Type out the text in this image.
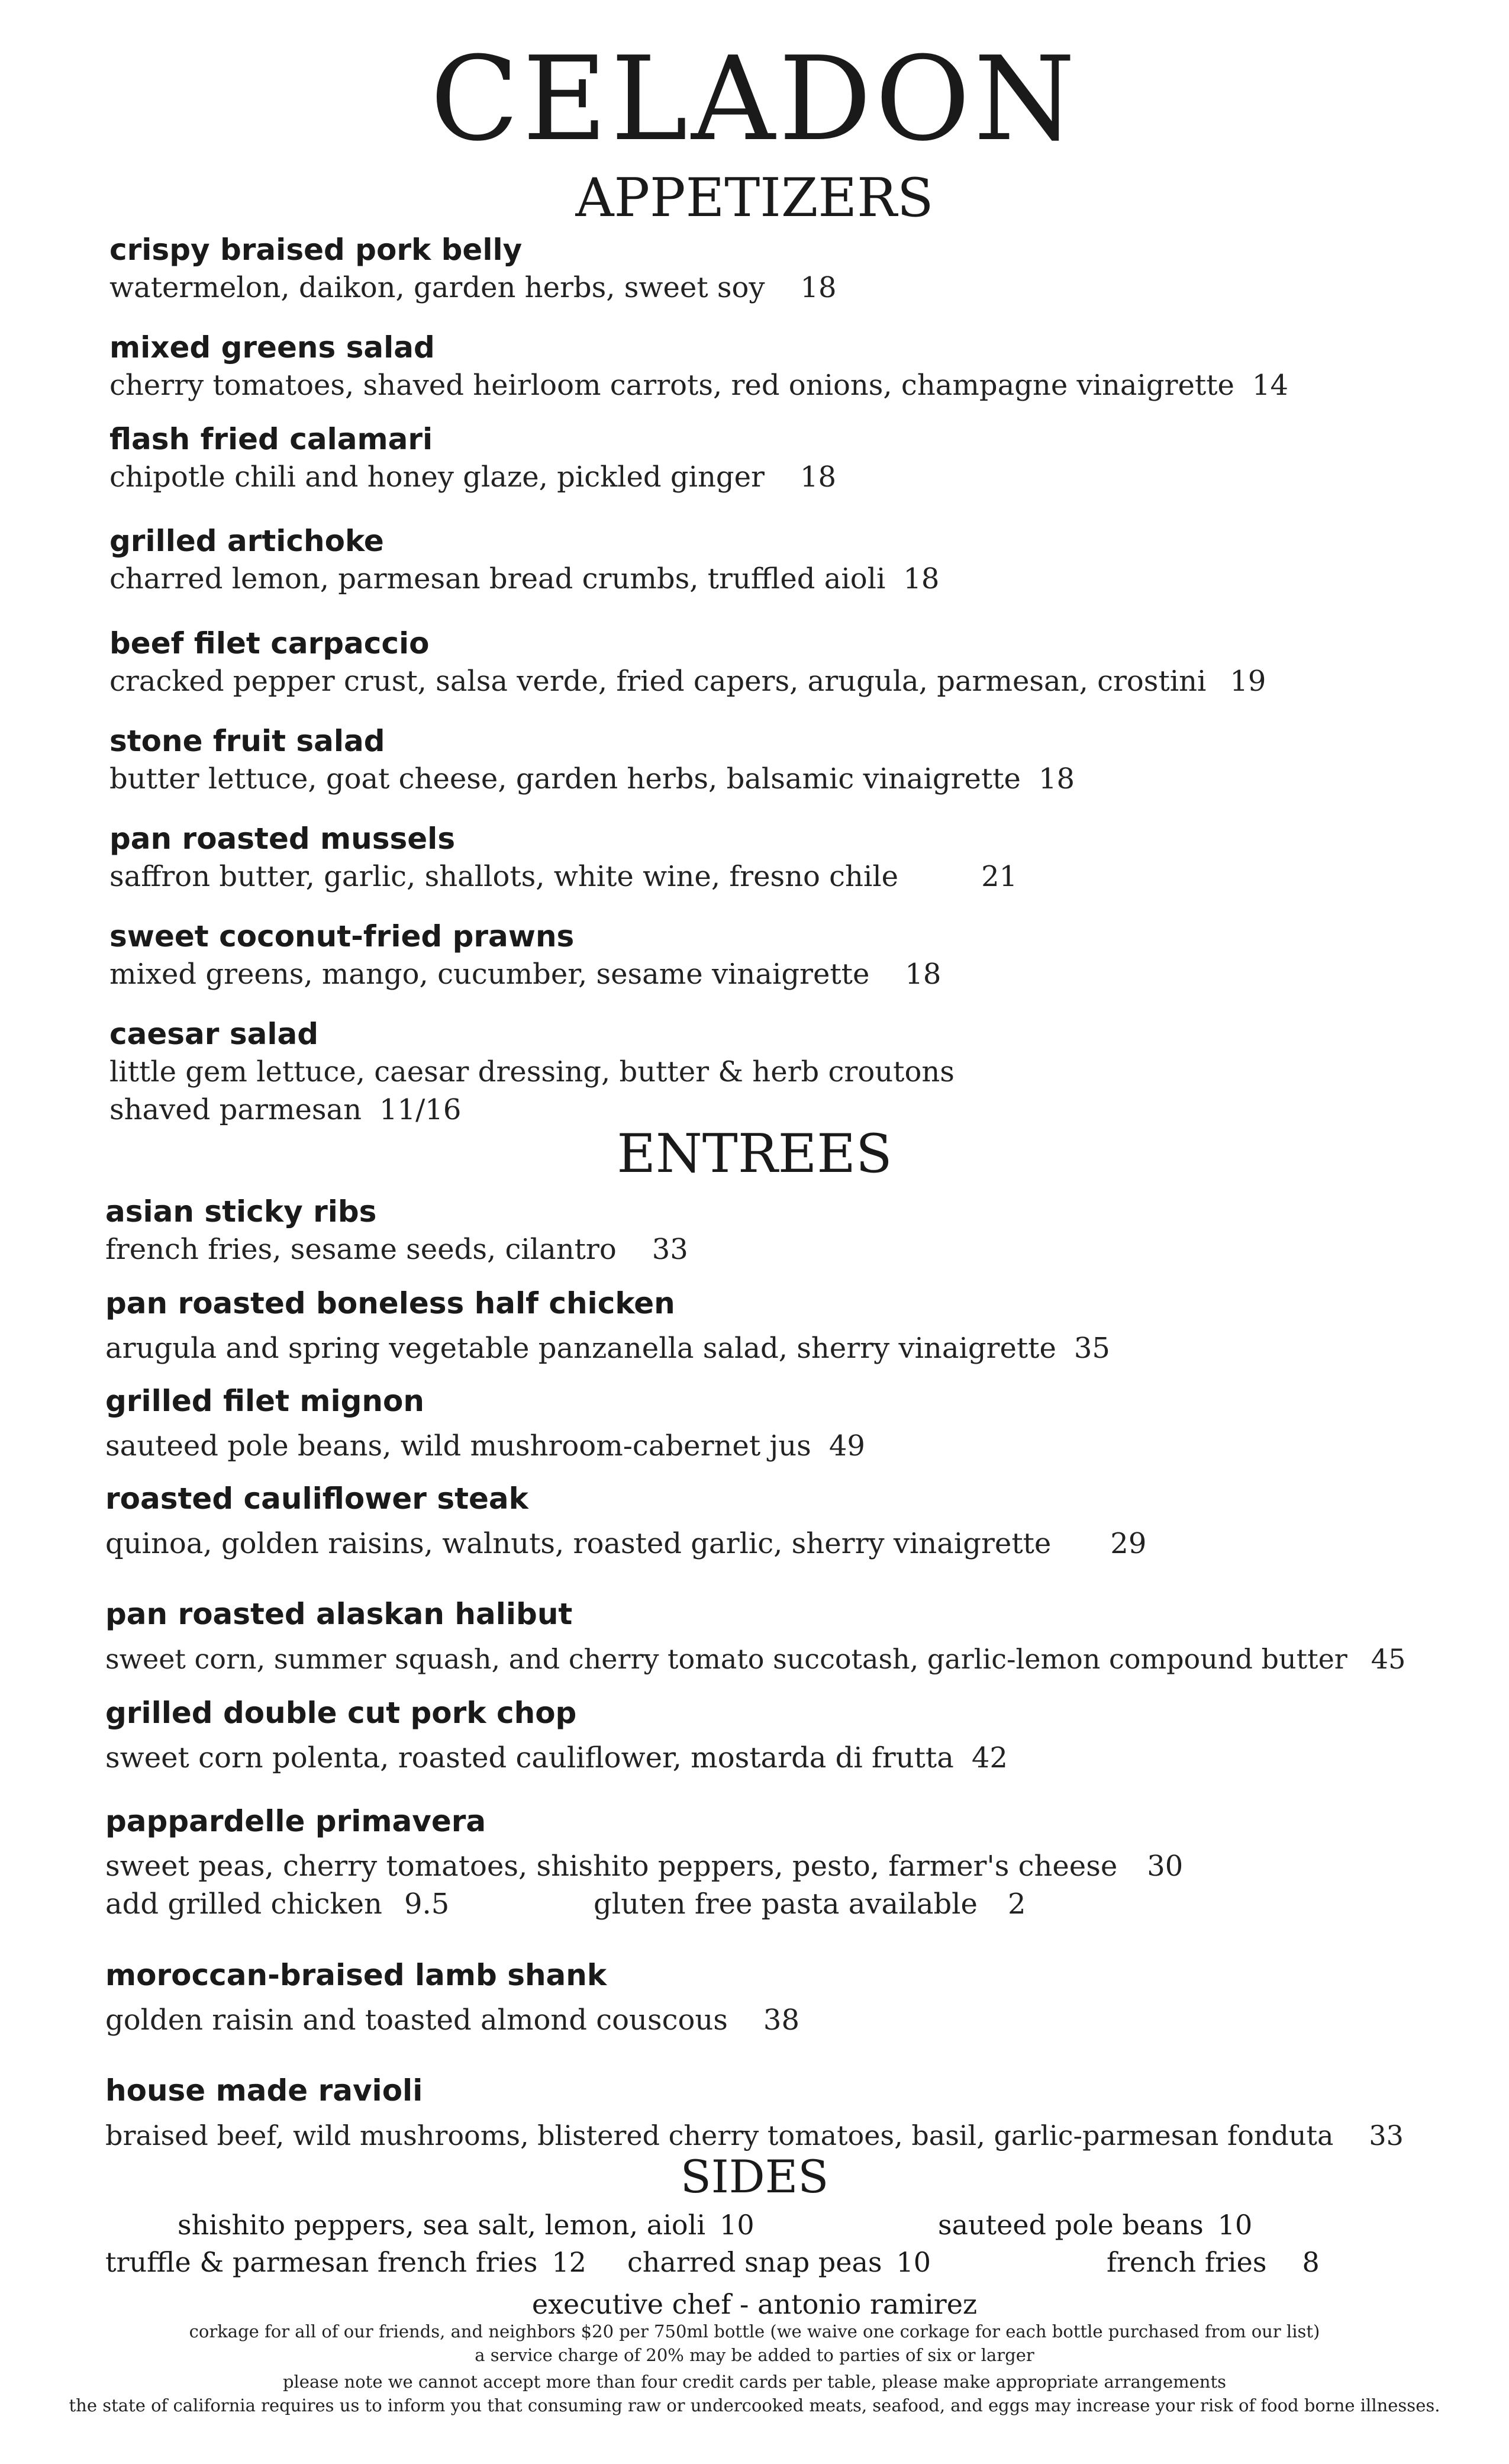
CELADON
APPETIZERS
crispy braised pork belly
watermelon, daikon, garden herbs, sweet soy 18
mixed greens salad
cherry tomatoes, shaved heirloom carrots, red onions, champagne vinaigrette 14
flash fried calamari
chipotle chili and honey glaze, pickled ginger 18
grilled artichoke
charred lemon, parmesan bread crumbs, truffled aioli 18
beef filet carpaccio
cracked pepper crust, salsa verde, fried capers, arugula, parmesan, crostini 19
stone fruit salad
butter lettuce, goat cheese, garden herbs, balsamic vinaigrette 18
pan roasted mussels
saffron butter, garlic, shallots, white wine, fresno chile	21
sweet coconut-fried prawns
mixed greens, mango, cucumber, sesame vinaigrette 18
caesar salad
little gem lettuce, caesar dressing, butter & herb croutons
shaved parmesan 11/16
ENTREES
asian sticky ribs
french fries, sesame seeds, cilantro 33
pan roasted boneless half chicken
arugula and spring vegetable panzanella salad, sherry vinaigrette 35
grilled filet mignon
sauteed pole beans, wild mushroom-cabernet jus 49
roasted cauliflower steak
quinoa, golden raisins, walnuts, roasted garlic, sherry vinaigrette 29
pan roasted alaskan halibut
sweet corn, summer squash, and cherry tomato succotash, garlic-lemon compound butter 45
grilled double cut pork chop
sweet corn polenta, roasted cauliflower, mostarda di frutta 42
pappardelle primavera
sweet peas, cherry tomatoes, shishito peppers, pesto, farmer's cheese 30
add grilled chicken 9.5	gluten free pasta available 2
moroccan-braised lamb shank
golden raisin and toasted almond couscous 38
house made ravioli
braised beef, wild mushrooms, blistered cherry tomatoes, basil, garlic-parmesan fonduta 33
SIDES
shishito peppers, sea salt, lemon, aioli 10	sauteed pole beans 10
truffle & parmesan french fries 12 charred snap peas 10	french fries 8
executive chef - antonio ramirez
corkage for all of our friends, and neighbors $20 per 750ml bottle (we waive one corkage for each bottle purchased from our list)
a service charge of 20% may be added to parties of six or larger
please note we cannot accept more than four credit cards per table, please make appropriate arrangements
the state of california requires us to inform you that consuming raw or undercooked meats, seafood, and eggs may increase your risk of food borne illnesses.
